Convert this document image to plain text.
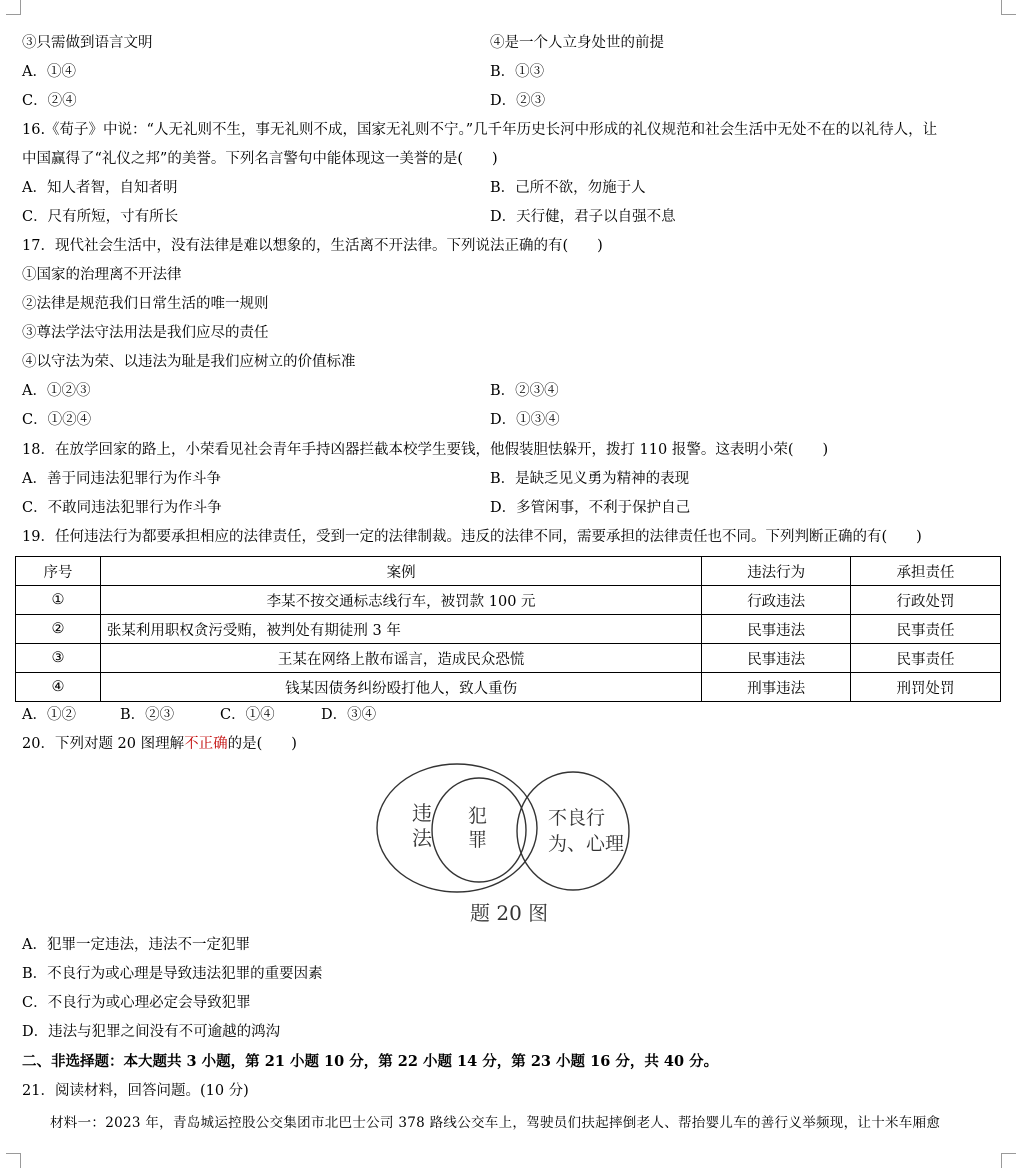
③只需做到语言文明	④是一个人立身处世的前提
A．①④	B．①③
C．②④	D．②③
16.《荀子》中说：“人无礼则不生，事无礼则不成，国家无礼则不宁。”几千年历史长河中形成的礼仪规范和社会生活中无处不在的以礼待人，让
中国赢得了“礼仪之邦”的美誉。下列名言警句中能体现这一美誉的是(　　)
A．知人者智，自知者明	B．己所不欲，勿施于人
C．尺有所短，寸有所长	D．天行健，君子以自强不息
17．现代社会生活中，没有法律是难以想象的，生活离不开法律。下列说法正确的有(　　)
①国家的治理离不开法律
②法律是规范我们日常生活的唯一规则
③尊法学法守法用法是我们应尽的责任
④以守法为荣、以违法为耻是我们应树立的价值标准
A．①②③	B．②③④
C．①②④	D．①③④
18．在放学回家的路上，小荣看见社会青年手持凶器拦截本校学生要钱，他假装胆怯躲开，拨打 110 报警。这表明小荣(　　)
A．善于同违法犯罪行为作斗争	B．是缺乏见义勇为精神的表现
C．不敢同违法犯罪行为作斗争	D．多管闲事，不利于保护自己
19．任何违法行为都要承担相应的法律责任，受到一定的法律制裁。违反的法律不同，需要承担的法律责任也不同。下列判断正确的有(　　)
序号	案例	违法行为	承担责任
①	李某不按交通标志线行车，被罚款 100 元	行政违法	行政处罚
②	张某利用职权贪污受贿，被判处有期徒刑 3 年	民事违法	民事责任
③	王某在网络上散布谣言，造成民众恐慌	民事违法	民事责任
④	钱某因债务纠纷殴打他人，致人重伤	刑事违法	刑罚处罚
A．①②	B．②③	C．①④	D．③④
20．下列对题 20 图理解不正确的是(　　)
违
法
犯
罪
不良行
为、心理
题 20 图
A．犯罪一定违法，违法不一定犯罪
B．不良行为或心理是导致违法犯罪的重要因素
C．不良行为或心理必定会导致犯罪
D．违法与犯罪之间没有不可逾越的鸿沟
二、非选择题：本大题共 3 小题，第 21 小题 10 分，第 22 小题 14 分，第 23 小题 16 分，共 40 分。
21．阅读材料，回答问题。(10 分)
材料一：2023 年，青岛城运控股公交集团市北巴士公司 378 路线公交车上，驾驶员们扶起摔倒老人、帮抬婴儿车的善行义举频现，让十米车厢愈
